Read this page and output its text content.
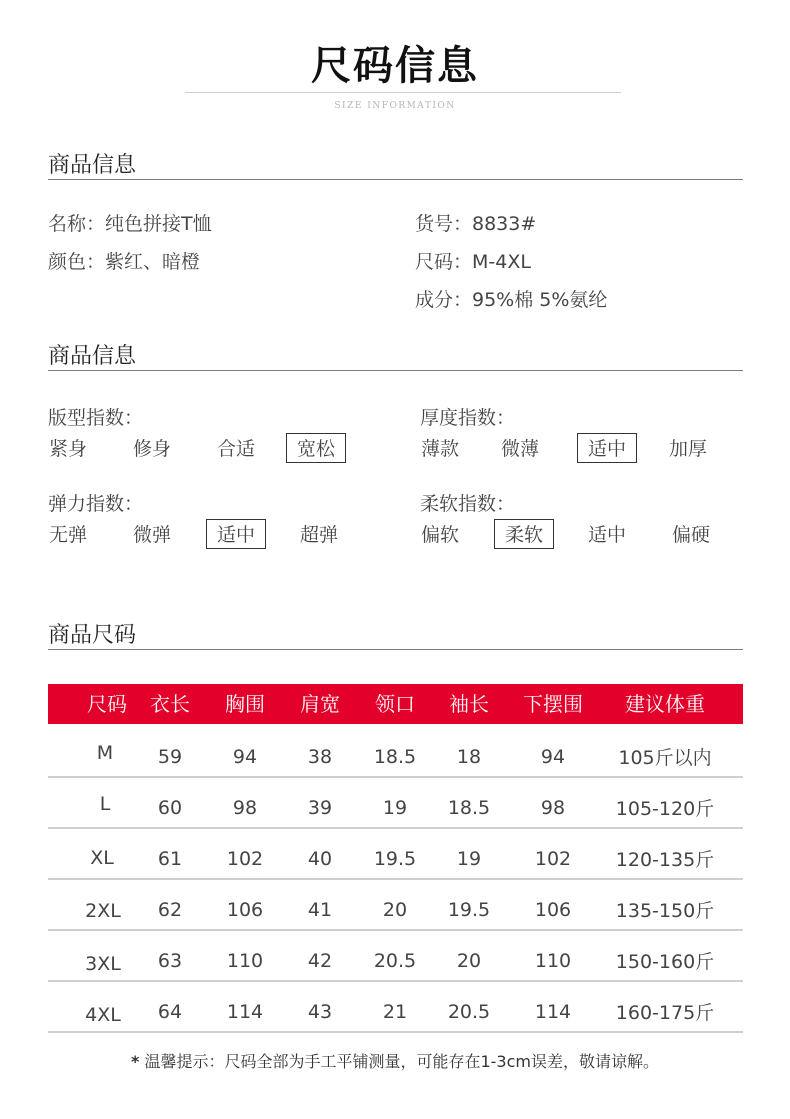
尺码信息
SIZE INFORMATION
商品信息
名称：纯色拼接T恤
颜色：紫红、暗橙
货号：8833#
尺码：M-4XL
成分：95%棉 5%氨纶
商品信息
版型指数：
紧身 修身 合适	宽松
厚度指数：
薄款 微薄	适中	加厚
弹力指数：
无弹 微弹	适中	超弹
柔软指数：
偏软	柔软	适中 偏硬
商品尺码
尺码	衣长	胸围	肩宽	领口	袖长	下摆围	建议体重
M	59	94	38	18.5	18	94	105斤以内
L	60	98	39	19	18.5	98	105-120斤
XL	61	102	40	19.5	19	102	120-135斤
2XL	62	106	41	20	19.5	106	135-150斤
3XL	63	110	42	20.5	20	110	150-160斤
4XL	64	114	43	21	20.5	114	160-175斤
* 温馨提示：尺码全部为手工平铺测量，可能存在1-3cm误差，敬请谅解。
